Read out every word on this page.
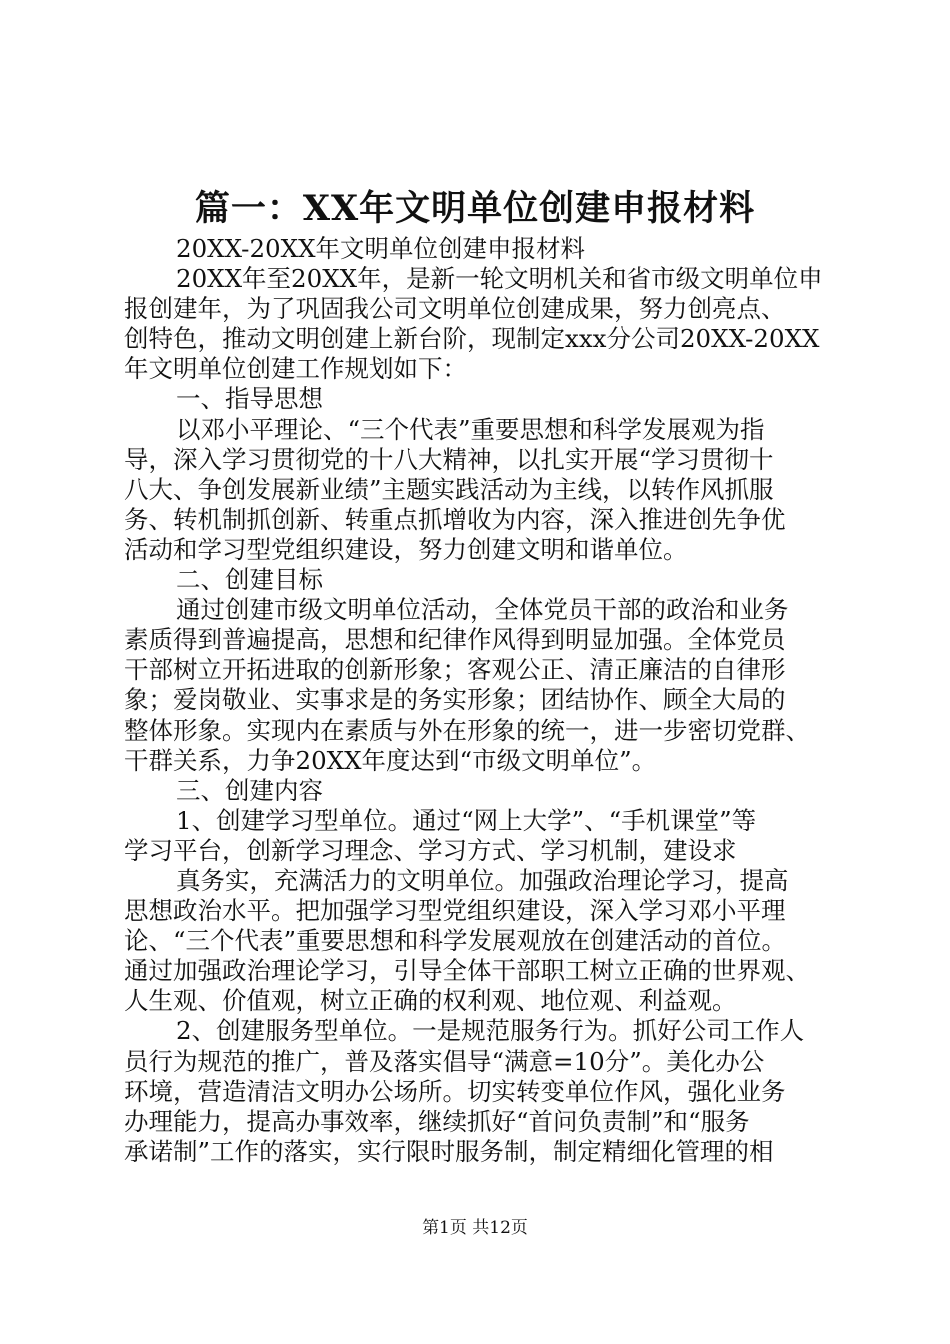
篇一：XX年文明单位创建申报材料
20XX-20XX年文明单位创建申报材料
20XX年至20XX年，是新一轮文明机关和省市级文明单位申
报创建年，为了巩固我公司文明单位创建成果，努力创亮点、
创特色，推动文明创建上新台阶，现制定xxx分公司20XX-20XX
年文明单位创建工作规划如下：
一、指导思想
以邓小平理论、“三个代表”重要思想和科学发展观为指
导，深入学习贯彻党的十八大精神，以扎实开展“学习贯彻十
八大、争创发展新业绩”主题实践活动为主线，以转作风抓服
务、转机制抓创新、转重点抓增收为内容，深入推进创先争优
活动和学习型党组织建设，努力创建文明和谐单位。
二、创建目标
通过创建市级文明单位活动，全体党员干部的政治和业务
素质得到普遍提高，思想和纪律作风得到明显加强。全体党员
干部树立开拓进取的创新形象；客观公正、清正廉洁的自律形
象；爱岗敬业、实事求是的务实形象；团结协作、顾全大局的
整体形象。实现内在素质与外在形象的统一，进一步密切党群、
干群关系，力争20XX年度达到“市级文明单位”。
三、创建内容
1、创建学习型单位。通过“网上大学”、“手机课堂”等
学习平台，创新学习理念、学习方式、学习机制，建设求
真务实，充满活力的文明单位。加强政治理论学习，提高
思想政治水平。把加强学习型党组织建设，深入学习邓小平理
论、“三个代表”重要思想和科学发展观放在创建活动的首位。
通过加强政治理论学习，引导全体干部职工树立正确的世界观、
人生观、价值观，树立正确的权利观、地位观、利益观。
2、创建服务型单位。一是规范服务行为。抓好公司工作人
员行为规范的推广，普及落实倡导“满意=10分”。美化办公
环境，营造清洁文明办公场所。切实转变单位作风，强化业务
办理能力，提高办事效率，继续抓好“首问负责制”和“服务
承诺制”工作的落实，实行限时服务制，制定精细化管理的相
第1页 共12页
